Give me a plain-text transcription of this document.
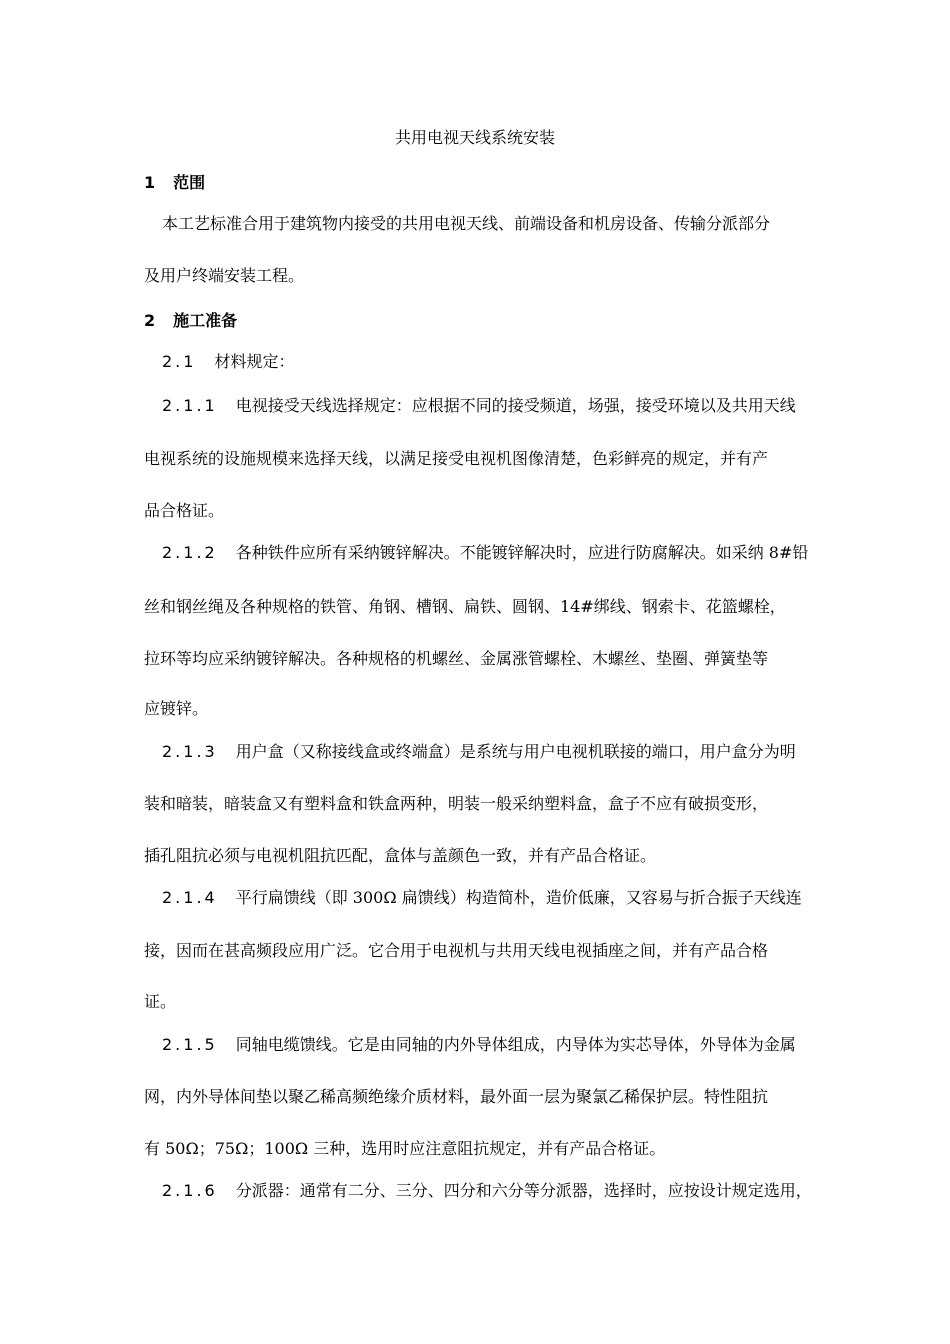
共用电视天线系统安装
1 范围
本工艺标准合用于建筑物内接受的共用电视天线、前端设备和机房设备、传输分派部分
及用户终端安装工程。
2 施工准备
2.1 材料规定：
2.1.1 电视接受天线选择规定：应根据不同的接受频道，场强，接受环境以及共用天线
电视系统的设施规模来选择天线，以满足接受电视机图像清楚，色彩鲜亮的规定，并有产
品合格证。
2.1.2 各种铁件应所有采纳镀锌解决。不能镀锌解决时，应进行防腐解决。如采纳 8#铅
丝和钢丝绳及各种规格的铁管、角钢、槽钢、扁铁、圆钢、14#绑线、钢索卡、花篮螺栓，
拉环等均应采纳镀锌解决。各种规格的机螺丝、金属涨管螺栓、木螺丝、垫圈、弹簧垫等
应镀锌。
2.1.3 用户盒（又称接线盒或终端盒）是系统与用户电视机联接的端口，用户盒分为明
装和暗装，暗装盒又有塑料盒和铁盒两种，明装一般采纳塑料盒，盒子不应有破损变形，
插孔阻抗必须与电视机阻抗匹配，盒体与盖颜色一致，并有产品合格证。
2.1.4 平行扁馈线（即 300Ω 扁馈线）构造简朴，造价低廉，又容易与折合振子天线连
接，因而在甚高频段应用广泛。它合用于电视机与共用天线电视插座之间，并有产品合格
证。
2.1.5 同轴电缆馈线。它是由同轴的内外导体组成，内导体为实芯导体，外导体为金属
网，内外导体间垫以聚乙稀高频绝缘介质材料，最外面一层为聚氯乙稀保护层。特性阻抗
有 50Ω；75Ω；100Ω 三种，选用时应注意阻抗规定，并有产品合格证。
2.1.6 分派器：通常有二分、三分、四分和六分等分派器，选择时，应按设计规定选用，
